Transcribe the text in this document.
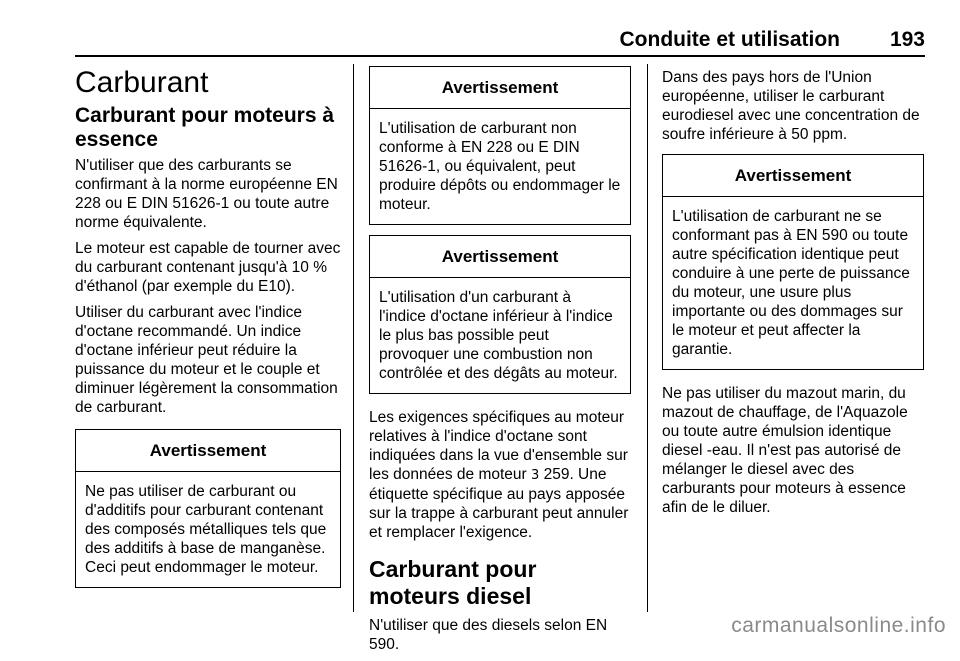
Conduite et utilisation 193
Carburant
Carburant pour moteurs à essence

N'utiliser que des carburants se confirmant à la norme européenne EN 228 ou E DIN 51626-1 ou toute autre norme équivalente.

Le moteur est capable de tourner avec du carburant contenant jusqu'à 10 % d'éthanol (par exemple du E10).

Utiliser du carburant avec l'indice d'octane recommandé. Un indice d'octane inférieur peut réduire la puissance du moteur et le couple et diminuer légèrement la consommation de carburant.

Avertissement
Ne pas utiliser de carburant ou d'additifs pour carburant contenant des composés métalliques tels que des additifs à base de manganèse. Ceci peut endommager le moteur.
Avertissement
L'utilisation de carburant non conforme à EN 228 ou E DIN 51626-1, ou équivalent, peut produire dépôts ou endommager le moteur.
Avertissement
L'utilisation d'un carburant à l'indice d'octane inférieur à l'indice le plus bas possible peut provoquer une combustion non contrôlée et des dégâts au moteur.

Les exigences spécifiques au moteur relatives à l'indice d'octane sont indiquées dans la vue d'ensemble sur les données de moteur 3 259. Une étiquette spécifique au pays apposée sur la trappe à carburant peut annuler et remplacer l'exigence.

Carburant pour moteurs diesel

N'utiliser que des diesels selon EN 590.

Dans des pays hors de l'Union européenne, utiliser le carburant eurodiesel avec une concentration de soufre inférieure à 50 ppm.

Avertissement
L'utilisation de carburant ne se conformant pas à EN 590 ou toute autre spécification identique peut conduire à une perte de puissance du moteur, une usure plus importante ou des dommages sur le moteur et peut affecter la garantie.

Ne pas utiliser du mazout marin, du mazout de chauffage, de l'Aquazole ou toute autre émulsion identique diesel -eau. Il n'est pas autorisé de mélanger le diesel avec des carburants pour moteurs à essence afin de le diluer.

carmanualsonline.info
